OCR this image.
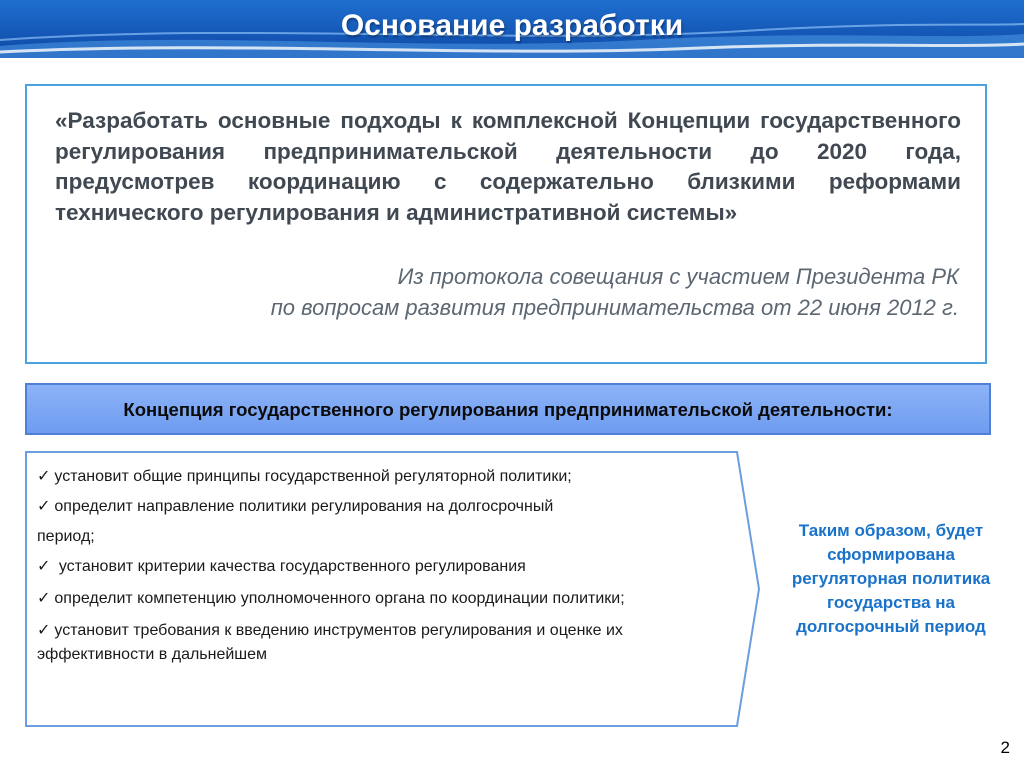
Основание разработки
«Разработать основные подходы к комплексной Концепции государственного регулирования предпринимательской деятельности до 2020 года, предусмотрев координацию с содержательно близкими реформами технического регулирования и административной системы»
Из протокола совещания с участием Президента РК
по вопросам развития предпринимательства от 22 июня 2012 г.
Концепция государственного регулирования предпринимательской деятельности:
✓ установит общие принципы государственной регуляторной политики;
✓ определит направление политики регулирования на долгосрочный
период;
✓ установит критерии качества государственного регулирования
✓ определит компетенцию уполномоченного органа по координации политики;
✓ установит требования к введению инструментов регулирования и оценке их эффективности в дальнейшем
Таким образом, будет сформирована регуляторная политика государства на долгосрочный период
2
